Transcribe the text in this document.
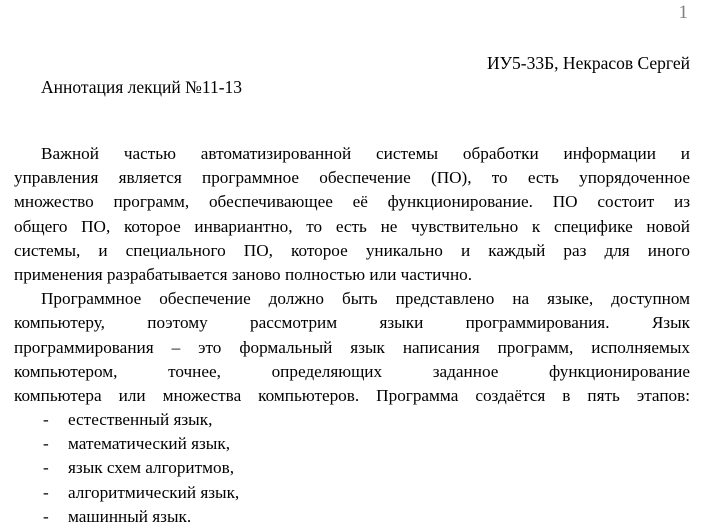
1
ИУ5-33Б, Некрасов Сергей
Аннотация лекций №11-13
Важной частью автоматизированной системы обработки информации и
управления является программное обеспечение (ПО), то есть упорядоченное
множество программ, обеспечивающее её функционирование. ПО состоит из
общего ПО, которое инвариантно, то есть не чувствительно к специфике новой
системы, и специального ПО, которое уникально и каждый раз для иного
применения разрабатывается заново полностью или частично.
Программное обеспечение должно быть представлено на языке, доступном
компьютеру, поэтому рассмотрим языки программирования. Язык
программирования – это формальный язык написания программ, исполняемых
компьютером, точнее, определяющих заданное функционирование
компьютера или множества компьютеров. Программа создаётся в пять этапов:
-	естественный язык,
-	математический язык,
-	язык схем алгоритмов,
-	алгоритмический язык,
-	машинный язык.
